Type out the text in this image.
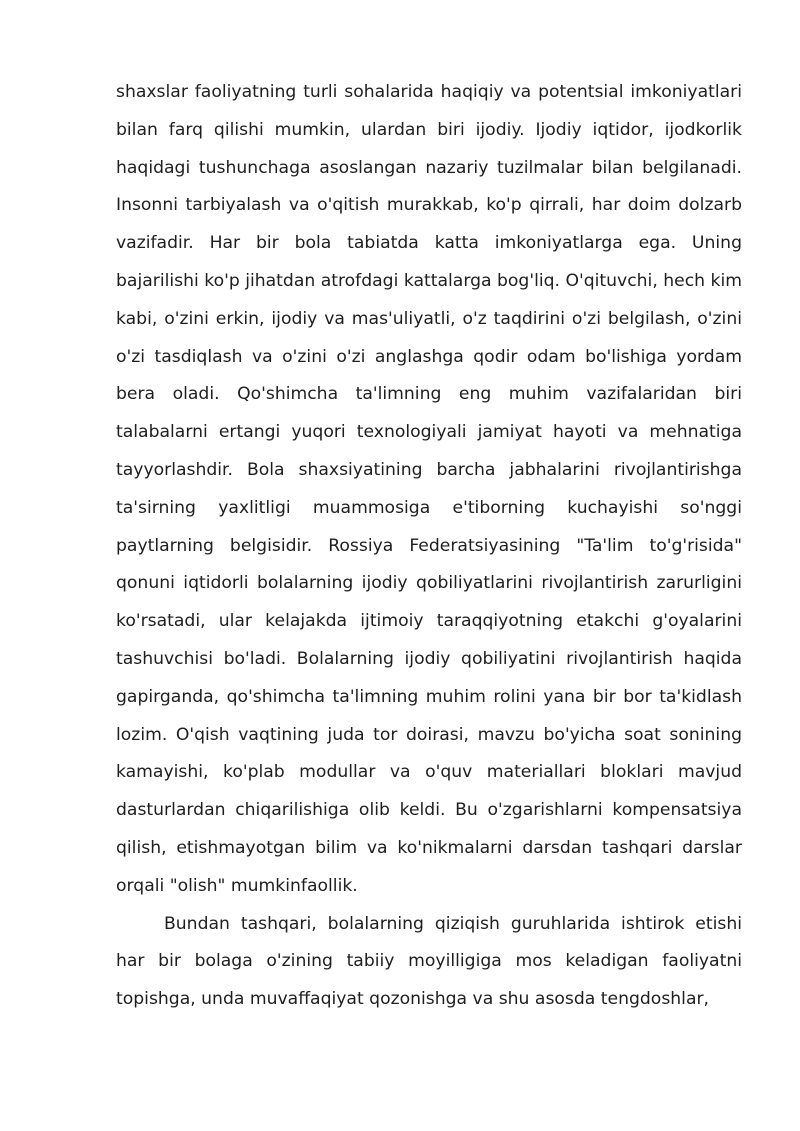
shaxslar faoliyatning turli sohalarida haqiqiy va potentsial imkoniyatlari bilan farq qilishi mumkin, ulardan biri ijodiy. Ijodiy iqtidor, ijodkorlik haqidagi tushunchaga asoslangan nazariy tuzilmalar bilan belgilanadi. Insonni tarbiyalash va o'qitish murakkab, ko'p qirrali, har doim dolzarb vazifadir. Har bir bola tabiatda katta imkoniyatlarga ega. Uning bajarilishi ko'p jihatdan atrofdagi kattalarga bog'liq. O'qituvchi, hech kim kabi, o'zini erkin, ijodiy va mas'uliyatli, o'z taqdirini o'zi belgilash, o'zini o'zi tasdiqlash va o'zini o'zi anglashga qodir odam bo'lishiga yordam bera oladi. Qo'shimcha ta'limning eng muhim vazifalaridan biri talabalarni ertangi yuqori texnologiyali jamiyat hayoti va mehnatiga tayyorlashdir. Bola shaxsiyatining barcha jabhalarini rivojlantirishga ta'sirning yaxlitligi muammosiga e'tiborning kuchayishi so'nggi paytlarning belgisidir. Rossiya Federatsiyasining "Ta'lim to'g'risida" qonuni iqtidorli bolalarning ijodiy qobiliyatlarini rivojlantirish zarurligini ko'rsatadi, ular kelajakda ijtimoiy taraqqiyotning etakchi g'oyalarini tashuvchisi bo'ladi. Bolalarning ijodiy qobiliyatini rivojlantirish haqida gapirganda, qo'shimcha ta'limning muhim rolini yana bir bor ta'kidlash lozim. O'qish vaqtining juda tor doirasi, mavzu bo'yicha soat sonining kamayishi, ko'plab modullar va o'quv materiallari bloklari mavjud dasturlardan chiqarilishiga olib keldi. Bu o'zgarishlarni kompensatsiya qilish, etishmayotgan bilim va ko'nikmalarni darsdan tashqari darslar orqali "olish" mumkinfaollik.

Bundan tashqari, bolalarning qiziqish guruhlarida ishtirok etishi har bir bolaga o'zining tabiiy moyilligiga mos keladigan faoliyatni topishga, unda muvaffaqiyat qozonishga va shu asosda tengdoshlar,
